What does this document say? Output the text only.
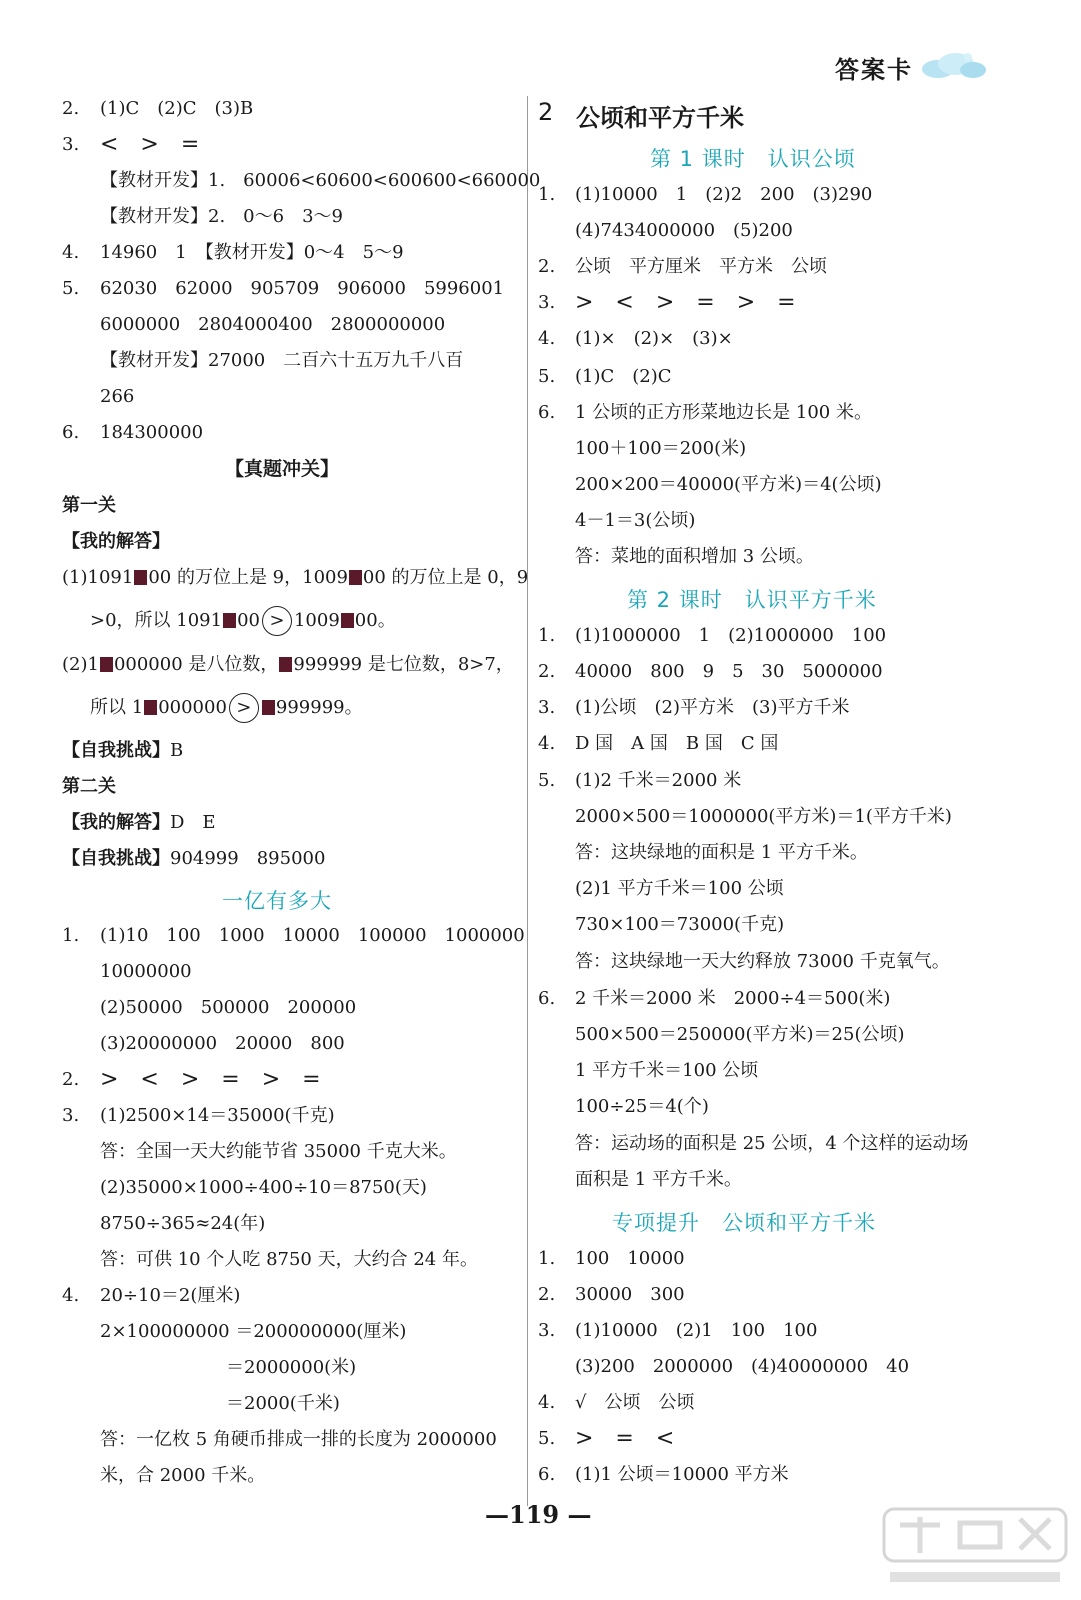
答案卡
2. (1)C　(2)C　(3)B
3. <　>　=
【教材开发】1.　60006<60600<600600<660000
【教材开发】2.　0～6　3～9
4. 14960　1　【教材开发】0～4　5～9
5. 62030　62000　905709　906000　5996001
6000000　2804000400　2800000000
【教材开发】27000　二百六十五万九千八百
266
6. 184300000
【真题冲关】
第一关
【我的解答】
(1)1091 00 的万位上是 9，1009 00 的万位上是 0，9
>0，所以 1091 00 > 1009 00。
(2)1 000000 是八位数， 999999 是七位数，8>7，
所以 1 000000 > 999999。
【自我挑战】B
第二关
【我的解答】D　E
【自我挑战】904999　895000
一亿有多大
1. (1)10　100　1000　10000　100000　1000000
10000000
(2)50000　500000　200000
(3)20000000　20000　800
2. >　<　>　=　>　=
3. (1)2500×14＝35000(千克)
答：全国一天大约能节省 35000 千克大米。
(2)35000×1000÷400÷10＝8750(天)
8750÷365≈24(年)
答：可供 10 个人吃 8750 天，大约合 24 年。
4. 20÷10＝2(厘米)
2×100000000 ＝200000000(厘米)
＝2000000(米)
＝2000(千米)
答：一亿枚 5 角硬币排成一排的长度为 2000000
米，合 2000 千米。
2 公顷和平方千米
第 1 课时　认识公顷
1. (1)10000　1　(2)2　200　(3)290
(4)7434000000　(5)200
2. 公顷　平方厘米　平方米　公顷
3. >　<　>　=　>　=
4. (1)×　(2)×　(3)×
5. (1)C　(2)C
6. 1 公顷的正方形菜地边长是 100 米。
100＋100＝200(米)
200×200＝40000(平方米)＝4(公顷)
4－1＝3(公顷)
答：菜地的面积增加 3 公顷。
第 2 课时　认识平方千米
1. (1)1000000　1　(2)1000000　100
2. 40000　800　9　5　30　5000000
3. (1)公顷　(2)平方米　(3)平方千米
4. D 国　A 国　B 国　C 国
5. (1)2 千米＝2000 米
2000×500＝1000000(平方米)＝1(平方千米)
答：这块绿地的面积是 1 平方千米。
(2)1 平方千米＝100 公顷
730×100＝73000(千克)
答：这块绿地一天大约释放 73000 千克氧气。
6. 2 千米＝2000 米　2000÷4＝500(米)
500×500＝250000(平方米)＝25(公顷)
1 平方千米＝100 公顷
100÷25＝4(个)
答：运动场的面积是 25 公顷，4 个这样的运动场
面积是 1 平方千米。
专项提升　公顷和平方千米
1. 100　10000
2. 30000　300
3. (1)10000　(2)1　100　100
(3)200　2000000　(4)40000000　40
4. √　公顷　公顷
5. >　=　<
6. (1)1 公顷＝10000 平方米
—119 —
